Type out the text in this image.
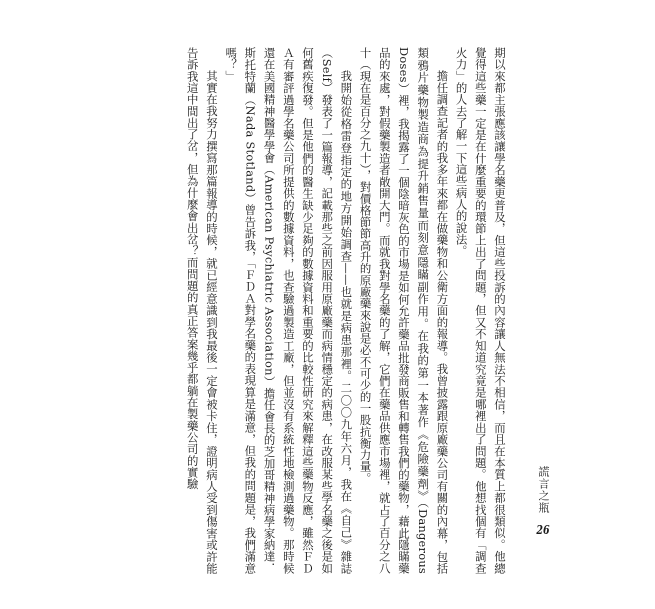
期以來都主張應該讓學名藥更普及，但這些投訴的內容讓人無法不相信，而且在本質上都很類似。他總覺得這些藥一定是在什麼重要的環節上出了問題，但又不知道究竟是哪裡出了問題。他想找個有「調查火力」的人去了解一下這些病人的說法。

擔任調查記者的我多年來都在做藥物和公衛方面的報導。我曾披露跟原廠藥公司有關的內幕，包括類鴉片藥物製造商為提升銷售量而刻意隱瞞副作用。在我的第一本著作《危險藥劑》（Dangerous Doses）裡，我揭露了一個陰暗灰色的市場是如何允許藥品批發商販售和轉售我們的藥物，藉此隱瞞藥品的來處，對假藥製造者敞開大門。而就我對學名藥的了解，它們在藥品供應市場裡，就占了百分之八十（現在是百分之九十），對價格節節高升的原廠藥來說是必不可少的一股抗衡力量。

我開始從格雷登指定的地方開始調查——也就是病患那裡。二〇〇九年六月，我在《自己》雜誌（Self）發表了一篇報導，記載那些之前因服用原廠藥而病情穩定的病患，在改服某些學名藥之後是如何舊疾復發。但是他們的醫生缺少足夠的數據資料和重要的比較性研究來解釋這些藥物反應，雖然ＦＤＡ有審評過學名藥公司所提供的數據資料，也查驗過製造工廠，但並沒有系統性地檢測過藥物。那時候還在美國精神醫學學會（American Psychiatric Association）擔任會長的芝加哥精神病學家納達．斯托特蘭（Nada Stotland）曾告訴我，「ＦＤＡ對學名藥的表現算是滿意，但我的問題是，我們滿意嗎？」

其實在我努力撰寫那篇報導的時候，就已經意識到我最後一定會被卡住，證明病人受到傷害或許能告訴我這中間出了岔，但為什麼會出岔？而問題的真正答案幾乎都躺在製藥公司的實驗

謊言之瓶26
